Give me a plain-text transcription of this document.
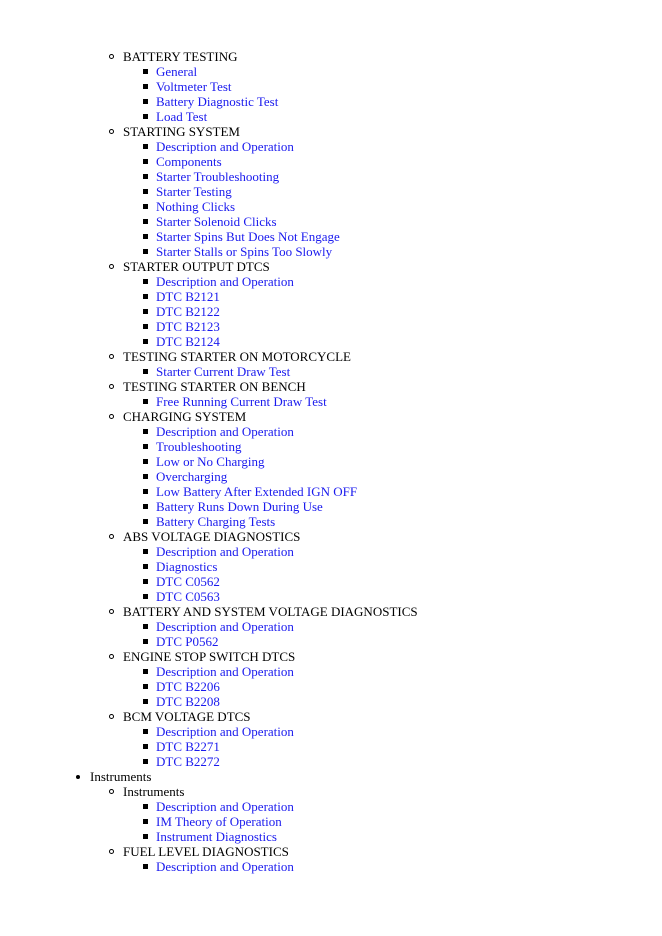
BATTERY TESTING
General
Voltmeter Test
Battery Diagnostic Test
Load Test
STARTING SYSTEM
Description and Operation
Components
Starter Troubleshooting
Starter Testing
Nothing Clicks
Starter Solenoid Clicks
Starter Spins But Does Not Engage
Starter Stalls or Spins Too Slowly
STARTER OUTPUT DTCS
Description and Operation
DTC B2121
DTC B2122
DTC B2123
DTC B2124
TESTING STARTER ON MOTORCYCLE
Starter Current Draw Test
TESTING STARTER ON BENCH
Free Running Current Draw Test
CHARGING SYSTEM
Description and Operation
Troubleshooting
Low or No Charging
Overcharging
Low Battery After Extended IGN OFF
Battery Runs Down During Use
Battery Charging Tests
ABS VOLTAGE DIAGNOSTICS
Description and Operation
Diagnostics
DTC C0562
DTC C0563
BATTERY AND SYSTEM VOLTAGE DIAGNOSTICS
Description and Operation
DTC P0562
ENGINE STOP SWITCH DTCS
Description and Operation
DTC B2206
DTC B2208
BCM VOLTAGE DTCS
Description and Operation
DTC B2271
DTC B2272
Instruments
Instruments
Description and Operation
IM Theory of Operation
Instrument Diagnostics
FUEL LEVEL DIAGNOSTICS
Description and Operation
